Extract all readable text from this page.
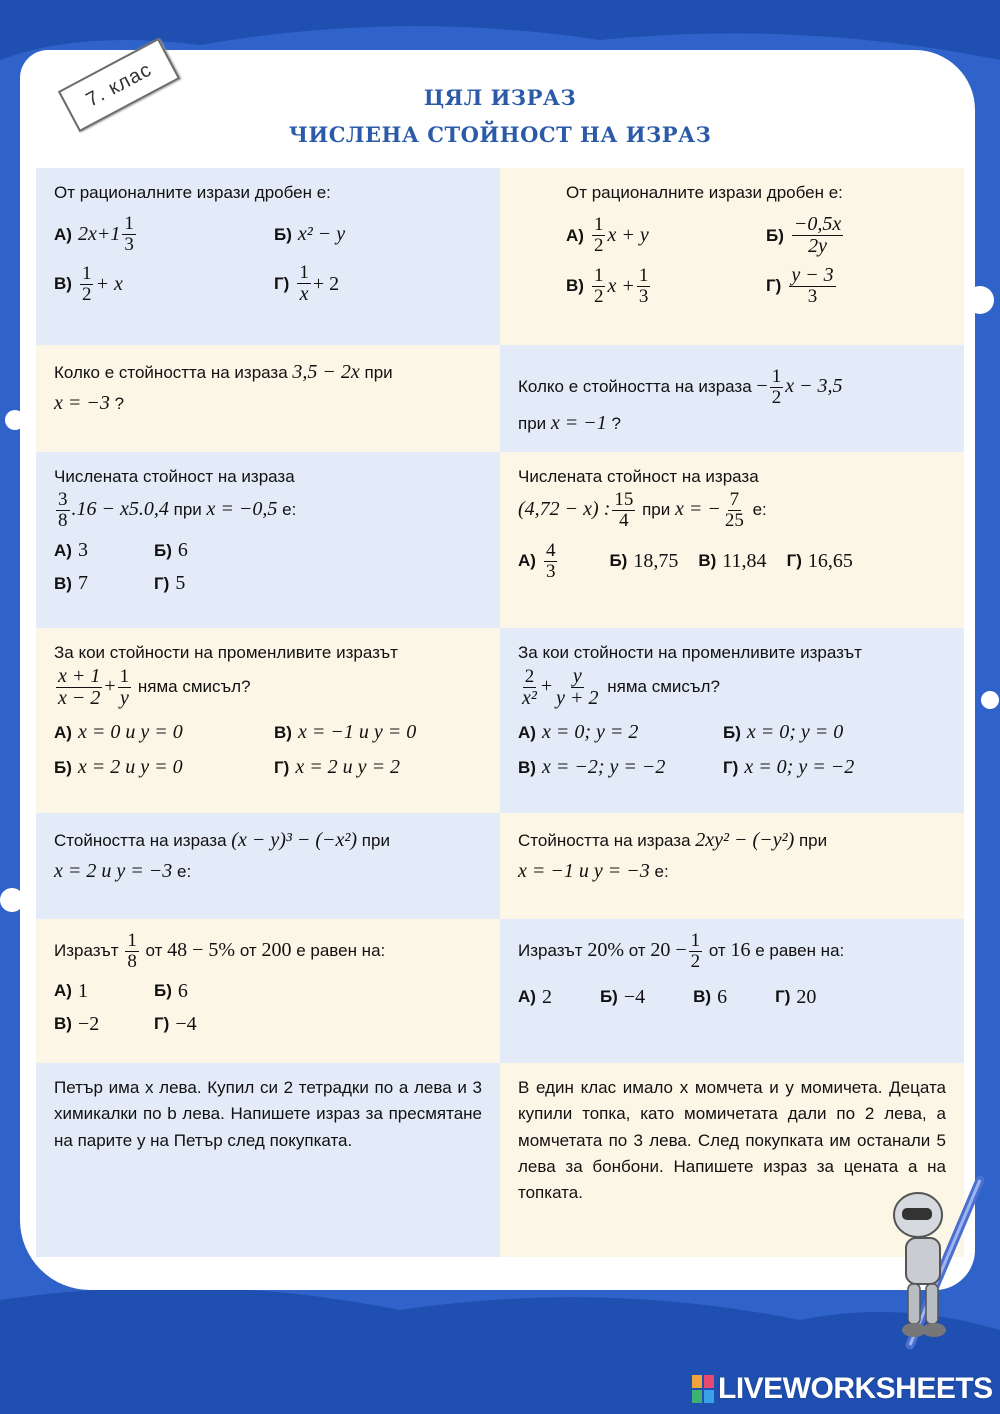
7. клас	ЦЯЛ ИЗРАЗ
ЧИСЛЕНА СТОЙНОСТ НА ИЗРАЗ
От рационалните изрази дробен е:
А) $2x+1 \frac{1}{3}$	Б) x² − y
$В) \frac{1}{2} + x$	$Г) \frac{1}{x} + 2$
От рационалните изрази дробен е:
$А) \frac{1}{2}$ x + y	$Б) \frac{-0,5x}{2y}$
$В) \frac{1}{2}$ $x + \frac{1}{3}$	$Г) \frac{y - 3}{3}$
Колко е стойността на израза 3,5 − 2x при
x = −3 ?
Колко е стойността на израза − $\frac{1}{2}$ x − 3,5
при x = −1 ?
Числената стойност на израза
$\frac{3}{8} .16 - x5.0,4$ при x = −0,5 е:
А) 3	Б) 6
В) 7	Г) 5
Числената стойност на израза
(4,72 − x) : $\frac{15}{4}$ при x = − $\frac{7}{25} е$:
$А) \frac{4}{3}$	Б) 18,75 В) 11,84 Г) 16,65
За кои стойности на променливите изразът
$\frac{x + 1}{x - 2} + \frac{1}{y}$ няма смисъл?
А) x = 0 и y = 0	В) x = −1 и y = 0
Б) x = 2 и y = 0	Г) x = 2 и y = 2
За кои стойности на променливите изразът
$\frac{2}{\text{x²}} + \frac{y}{y + 2}$ няма смисъл?
А) x = 0; y = 2	Б) x = 0; y = 0
В) x = −2; y = −2	Г) x = 0; y = −2
Стойността на израза (x − y)³ − (−x²) при
x = 2 и y = −3 е:
Стойността на израза 2xy² − (−y²) при
x = −1 и y = −3 е:
Изразът $\frac{1}{8}$ от 48 − 5% от 200 е равен на:
А) 1	Б) 6
В) −2	Г) −4
Изразът 20% от $20 - \frac{1}{2}$ от 16 е равен на:
А) 2	Б) −4	В) 6	Г) 20
Петър има x лева. Купил си 2 тетрадки по a лева и 3 химикалки по b лева. Напишете израз за пресмятане на парите y на Петър след покупката.
В един клас имало x момчета и y момичета. Децата купили топка, като момичетата дали по 2 лева, а момчетата по 3 лева. След покупката им останали 5 лева за бонбони. Напишете израз за цената a на топката.
LIVEWORKSHEETS
